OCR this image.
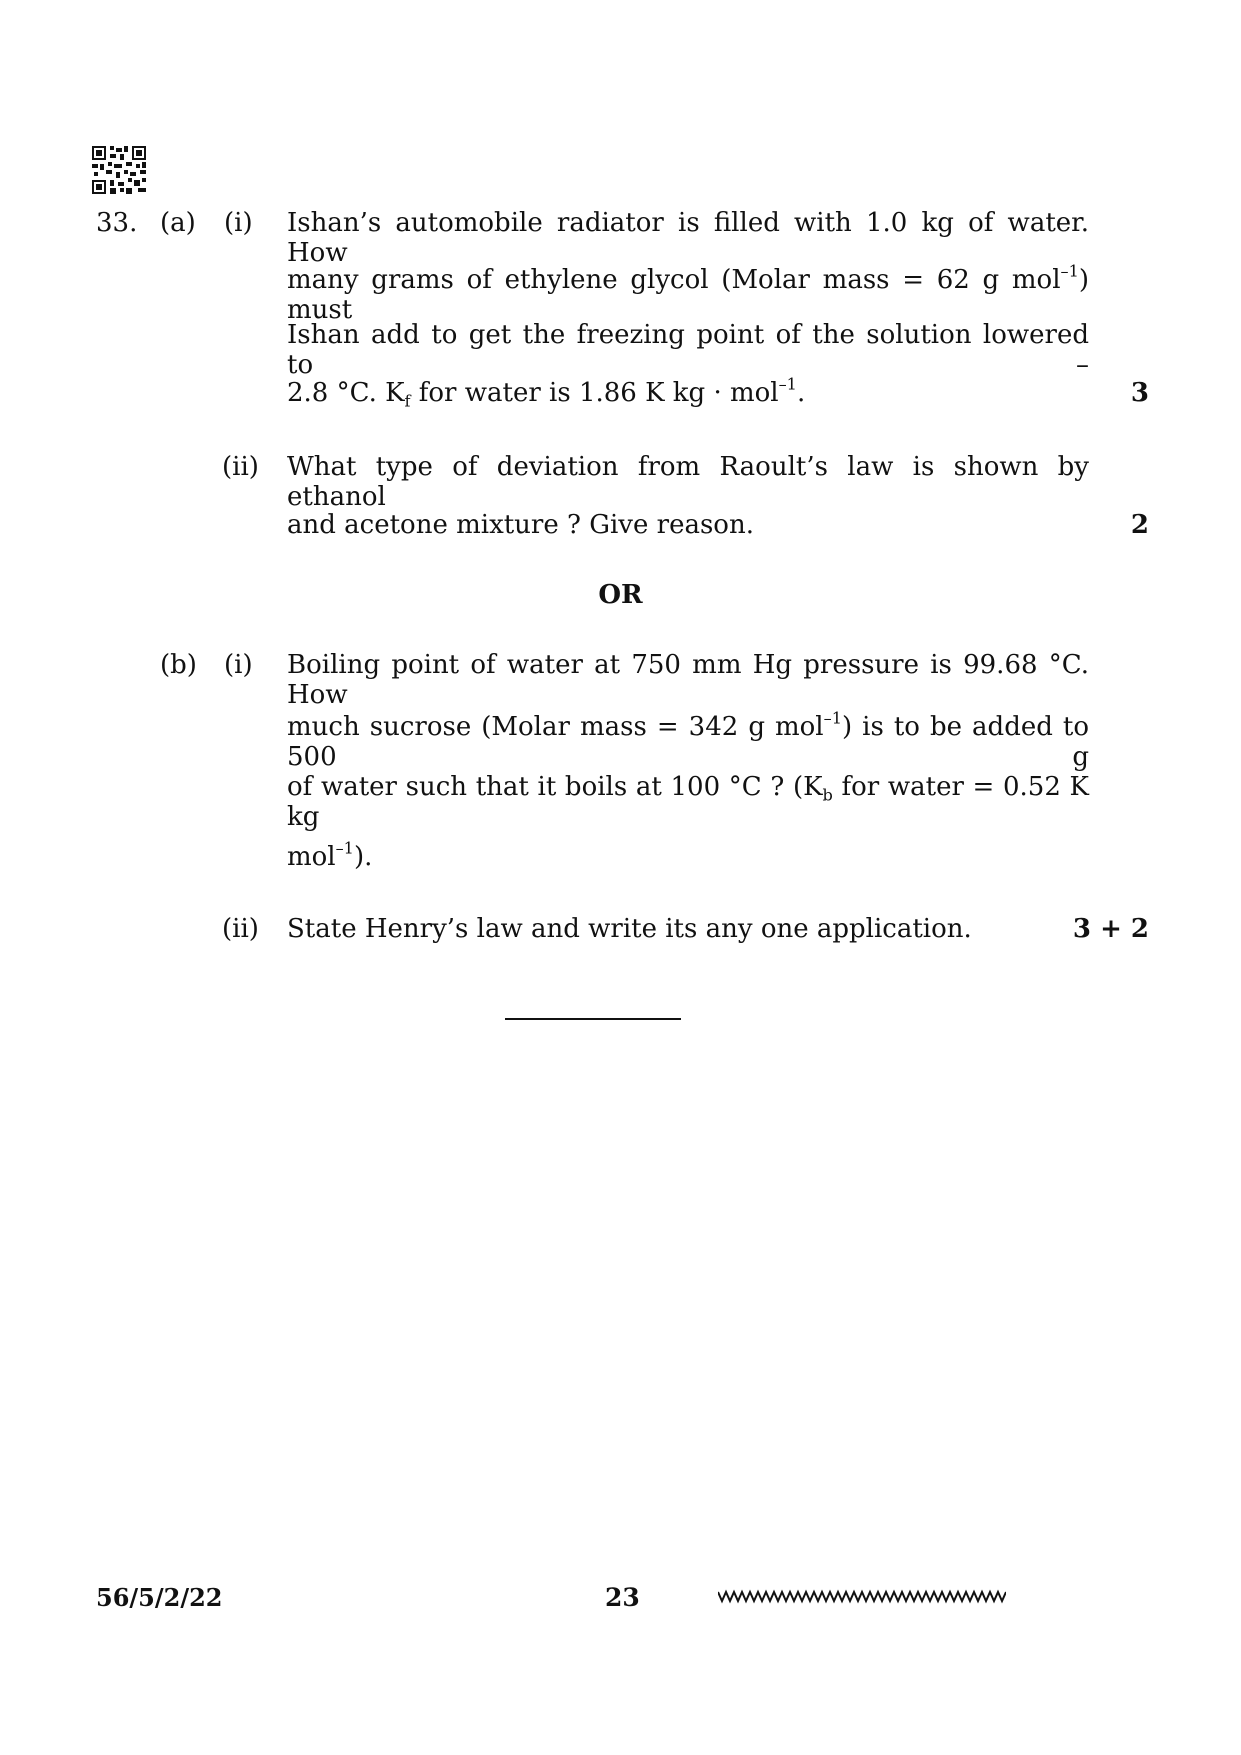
33. (a) (i) Ishan’s automobile radiator is filled with 1.0 kg of water. How
many grams of ethylene glycol (Molar mass = 62 g mol$^{-1}$) must
Ishan add to get the freezing point of the solution lowered to –
2.8 °C. $K_f$ for water is 1.86 K kg · mol$^{-1}$.	3
(ii) What type of deviation from Raoult’s law is shown by ethanol
and acetone mixture ? Give reason.	2
OR
(b) (i) Boiling point of water at 750 mm Hg pressure is 99.68 °C. How
much sucrose (Molar mass = 342 g mol$^{-1}$) is to be added to 500 g
of water such that it boils at 100 °C ? ($K_b$ for water = 0.52 K kg
mol$^{-1}$).
(ii) State Henry’s law and write its any one application.	3 + 2
56/5/2/22	23
